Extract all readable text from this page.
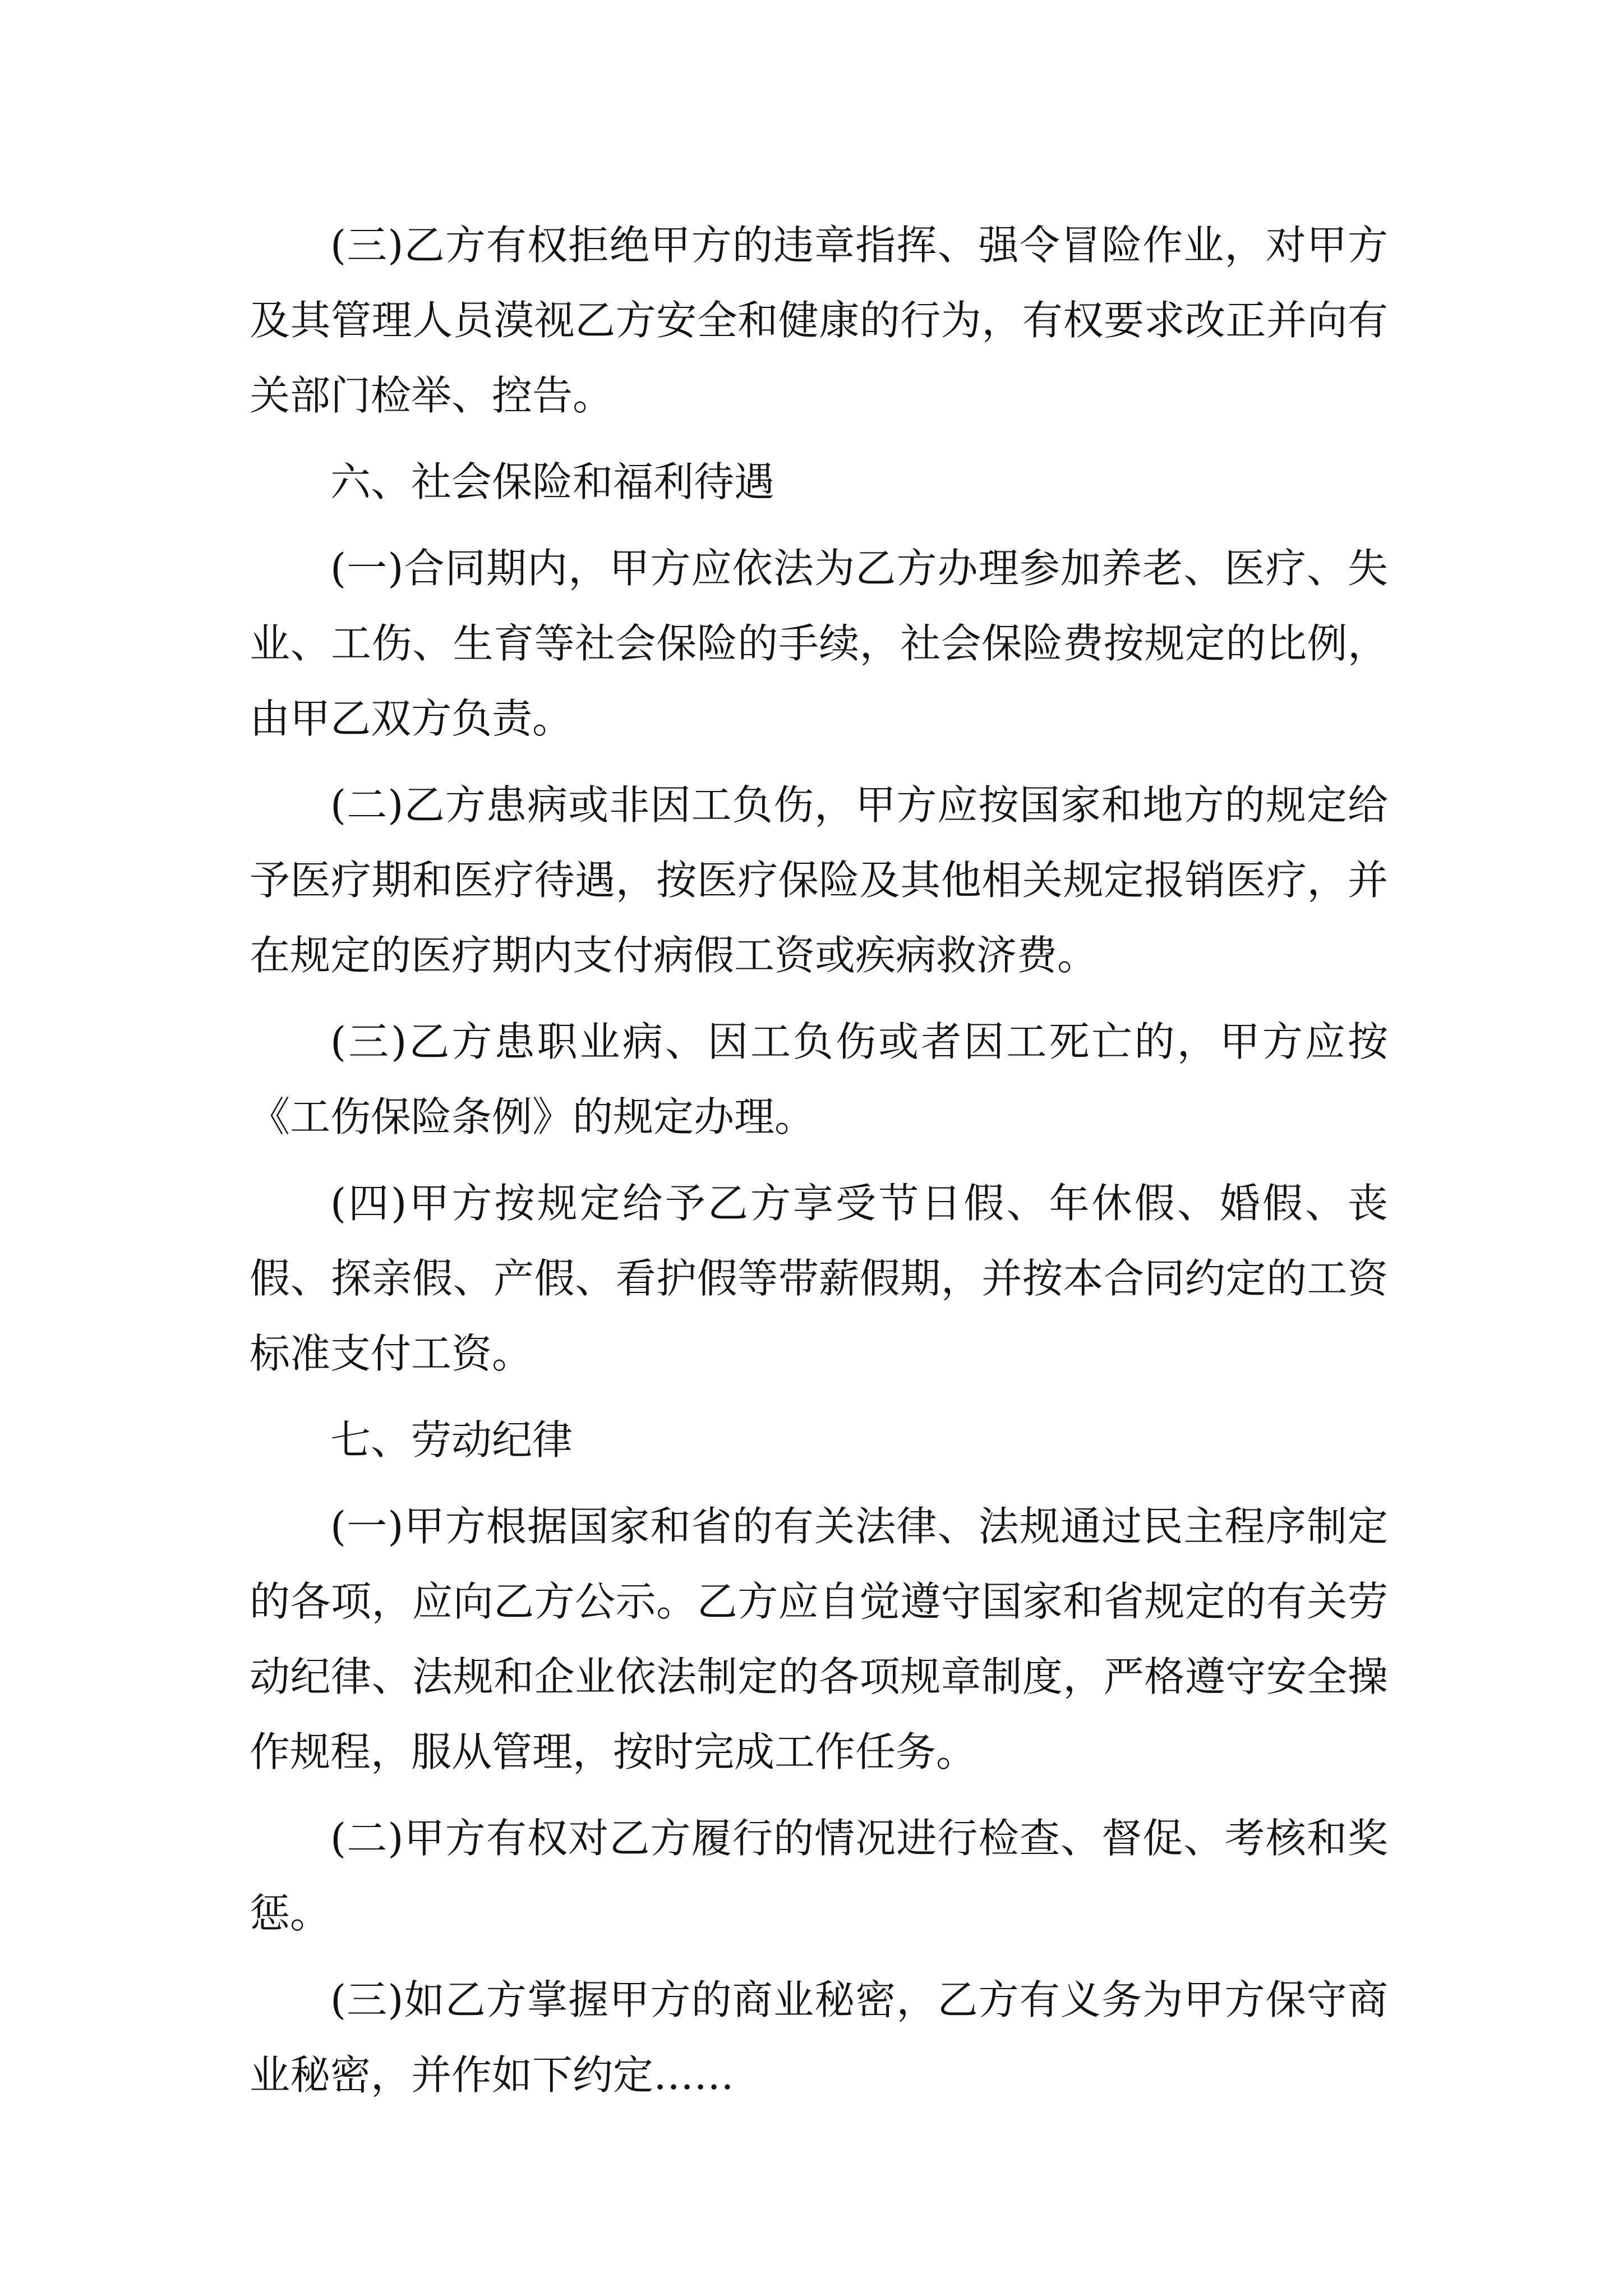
(三)乙方有权拒绝甲方的违章指挥、强令冒险作业，对甲方及其管理人员漠视乙方安全和健康的行为，有权要求改正并向有关部门检举、控告。

六、社会保险和福利待遇

(一)合同期内，甲方应依法为乙方办理参加养老、医疗、失业、工伤、生育等社会保险的手续，社会保险费按规定的比例，由甲乙双方负责。

(二)乙方患病或非因工负伤，甲方应按国家和地方的规定给予医疗期和医疗待遇，按医疗保险及其他相关规定报销医疗，并在规定的医疗期内支付病假工资或疾病救济费。

(三)乙方患职业病、因工负伤或者因工死亡的，甲方应按《工伤保险条例》的规定办理。

(四)甲方按规定给予乙方享受节日假、年休假、婚假、丧假、探亲假、产假、看护假等带薪假期，并按本合同约定的工资标准支付工资。

七、劳动纪律

(一)甲方根据国家和省的有关法律、法规通过民主程序制定的各项，应向乙方公示。乙方应自觉遵守国家和省规定的有关劳动纪律、法规和企业依法制定的各项规章制度，严格遵守安全操作规程，服从管理，按时完成工作任务。

(二)甲方有权对乙方履行的情况进行检查、督促、考核和奖惩。

(三)如乙方掌握甲方的商业秘密，乙方有义务为甲方保守商业秘密，并作如下约定……
